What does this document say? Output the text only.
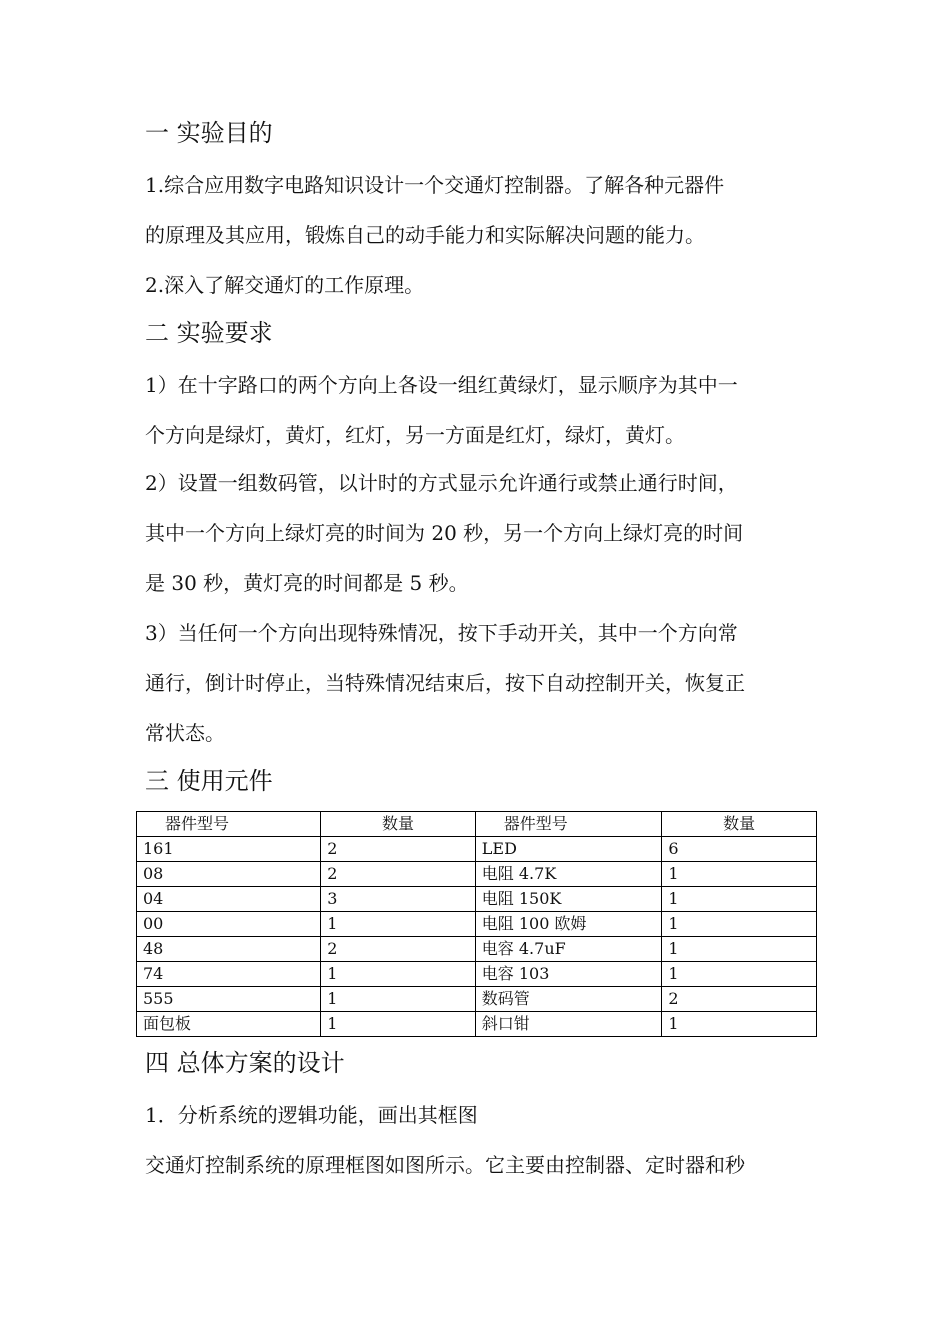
一 实验目的
1.综合应用数字电路知识设计一个交通灯控制器。了解各种元器件
的原理及其应用，锻炼自己的动手能力和实际解决问题的能力。
2.深入了解交通灯的工作原理。
二 实验要求
1）在十字路口的两个方向上各设一组红黄绿灯，显示顺序为其中一
个方向是绿灯，黄灯，红灯，另一方面是红灯，绿灯，黄灯。
2）设置一组数码管，以计时的方式显示允许通行或禁止通行时间，
其中一个方向上绿灯亮的时间为 20 秒，另一个方向上绿灯亮的时间
是 30 秒，黄灯亮的时间都是 5 秒。
3）当任何一个方向出现特殊情况，按下手动开关，其中一个方向常
通行，倒计时停止，当特殊情况结束后，按下自动控制开关，恢复正
常状态。
三 使用元件
器件型号	数量	器件型号	数量
161	2	LED	6
08	2	电阻 4.7K	1
04	3	电阻 150K	1
00	1	电阻 100 欧姆	1
48	2	电容 4.7uF	1
74	1	电容 103	1
555	1	数码管	2
面包板	1	斜口钳	1
四 总体方案的设计
1．分析系统的逻辑功能，画出其框图
交通灯控制系统的原理框图如图所示。它主要由控制器、定时器和秒
